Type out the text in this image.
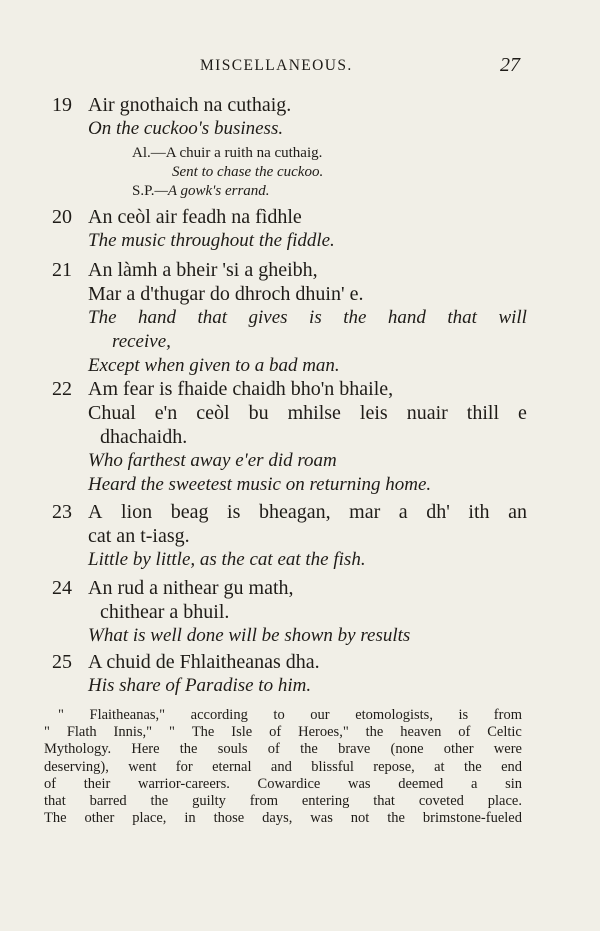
MISCELLANEOUS.	27
19 Air gnothaich na cuthaig.
On the cuckoo's business.
Al.—A chuir a ruith na cuthaig.
Sent to chase the cuckoo.
S.P.—A gowk's errand.
20 An ceòl air feadh na fìdhle
The music throughout the fiddle.
21 An làmh a bheir 'si a gheibh,
Mar a d'thugar do dhroch dhuin' e.
The hand that gives is the hand that will
receive,
Except when given to a bad man.
22 Am fear is fhaide chaidh bho'n bhaile,
Chual e'n ceòl bu mhilse leis nuair thill e
dhachaidh.
Who farthest away e'er did roam
Heard the sweetest music on returning home.
23 A lion beag is bheagan, mar a dh' ith an
cat an t-iasg.
Little by little, as the cat eat the fish.
24 An rud a nithear gu math,
chithear a bhuil.
What is well done will be shown by results
25 A chuid de Fhlaitheanas dha.
His share of Paradise to him.
" Flaitheanas," according to our etomologists, is from
" Flath Innis," " The Isle of Heroes," the heaven of Celtic
Mythology. Here the souls of the brave (none other were
deserving), went for eternal and blissful repose, at the end
of their warrior-careers. Cowardice was deemed a sin
that barred the guilty from entering that coveted place.
The other place, in those days, was not the brimstone-fueled
